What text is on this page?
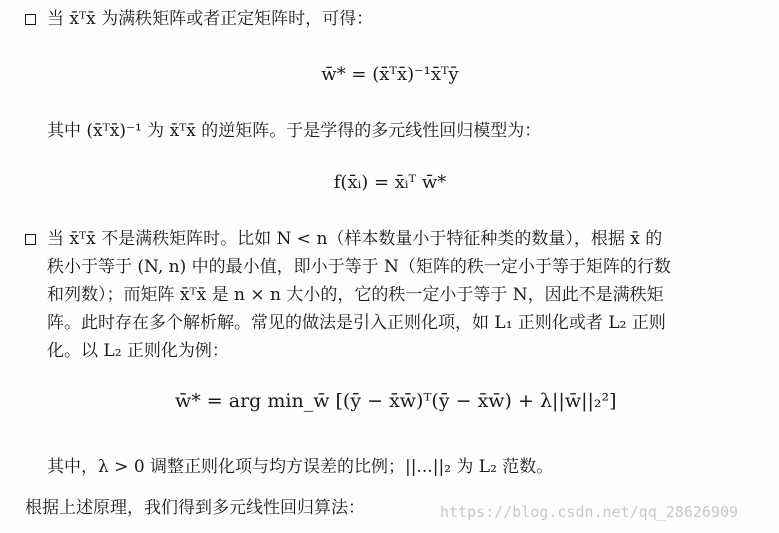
当 x̄ᵀx̄ 为满秩矩阵或者正定矩阵时，可得：
w̄* = (x̄ᵀx̄)⁻¹x̄ᵀȳ
其中 (x̄ᵀx̄)⁻¹ 为 x̄ᵀx̄ 的逆矩阵。于是学得的多元线性回归模型为：
f(x̄ᵢ) = x̄ᵢᵀ w̄*
当 x̄ᵀx̄ 不是满秩矩阵时。比如 N < n（样本数量小于特征种类的数量），根据 x̄ 的
秩小于等于 (N, n) 中的最小值，即小于等于 N（矩阵的秩一定小于等于矩阵的行数
和列数）；而矩阵 x̄ᵀx̄ 是 n × n 大小的，它的秩一定小于等于 N，因此不是满秩矩
阵。此时存在多个解析解。常见的做法是引入正则化项，如 L₁ 正则化或者 L₂ 正则
化。以 L₂ 正则化为例：
w̄* = arg min_w̄ [(ȳ − x̄w̄)ᵀ(ȳ − x̄w̄) + λ||w̄||₂²]
其中，λ > 0 调整正则化项与均方误差的比例；||...||₂ 为 L₂ 范数。
根据上述原理，我们得到多元线性回归算法：	https://blog.csdn.net/qq_28626909
